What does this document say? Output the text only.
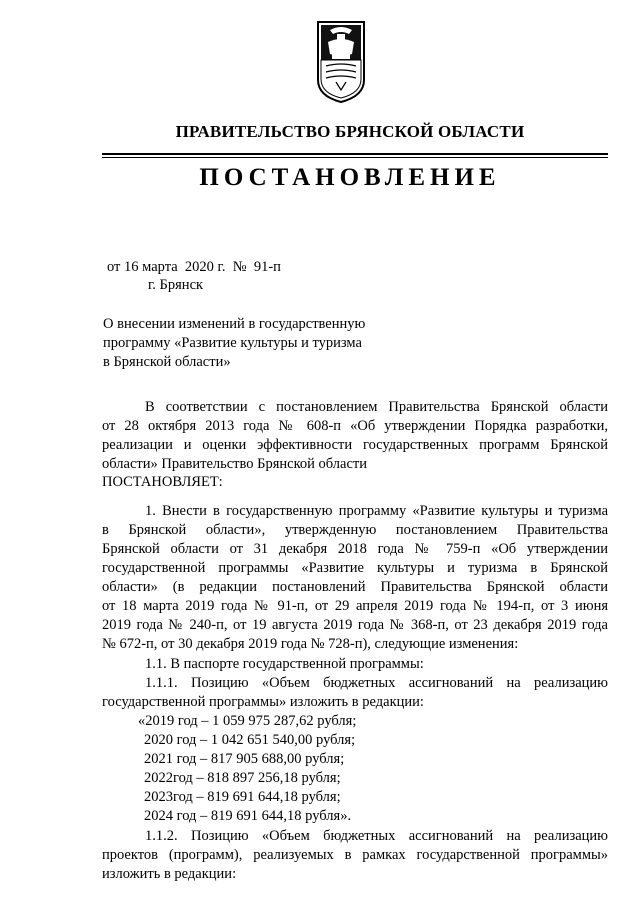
ПРАВИТЕЛЬСТВО БРЯНСКОЙ ОБЛАСТИ
ПОСТАНОВЛЕНИЕ
от 16 марта  2020 г.  №  91-п
г. Брянск
О внесении изменений в государственную
программу «Развитие культуры и туризма
в Брянской области»
В соответствии с постановлением Правительства Брянской области
от 28 октября 2013 года № 608-п «Об утверждении Порядка разработки,
реализации и оценки эффективности государственных программ Брянской
области» Правительство Брянской области
ПОСТАНОВЛЯЕТ:
1. Внести в государственную программу «Развитие культуры и туризма
в Брянской области», утвержденную постановлением Правительства
Брянской области от 31 декабря 2018 года № 759-п «Об утверждении
государственной программы «Развитие культуры и туризма в Брянской
области» (в редакции постановлений Правительства Брянской области
от 18 марта 2019 года № 91-п, от 29 апреля 2019 года № 194-п, от 3 июня
2019 года № 240-п, от 19 августа 2019 года № 368-п, от 23 декабря 2019 года
№ 672-п, от 30 декабря 2019 года № 728-п), следующие изменения:
1.1. В паспорте государственной программы:
1.1.1. Позицию «Объем бюджетных ассигнований на реализацию
государственной программы» изложить в редакции:
«2019 год – 1 059 975 287,62 рубля;
2020 год – 1 042 651 540,00 рубля;
2021 год – 817 905 688,00 рубля;
2022год – 818 897 256,18 рубля;
2023год – 819 691 644,18 рубля;
2024 год – 819 691 644,18 рубля».
1.1.2. Позицию «Объем бюджетных ассигнований на реализацию
проектов (программ), реализуемых в рамках государственной программы»
изложить в редакции:
